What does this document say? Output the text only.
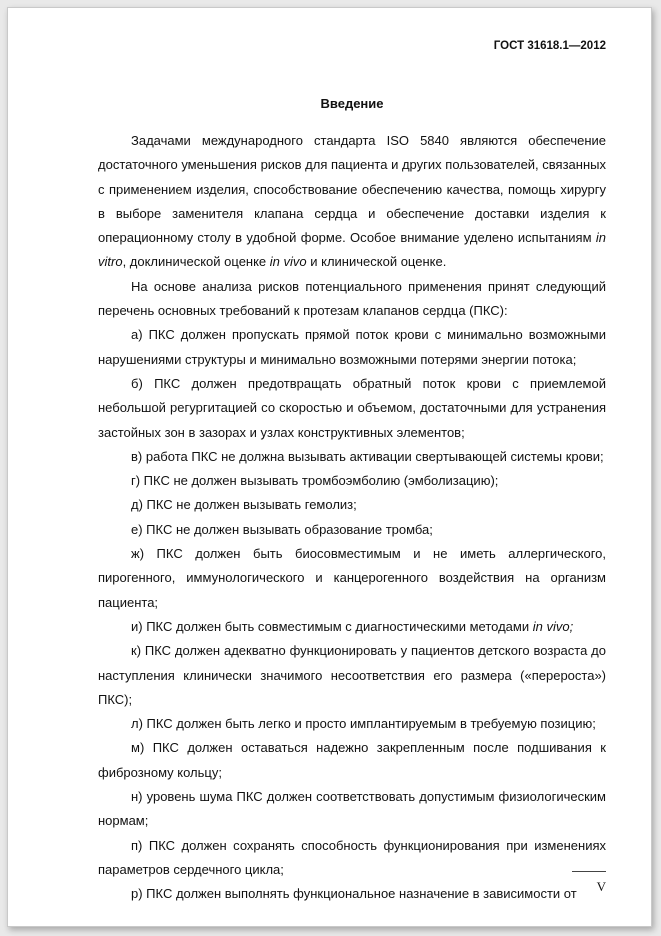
ГОСТ 31618.1—2012
Введение

Задачами международного стандарта ISO 5840 являются обеспечение достаточного уменьшения рисков для пациента и других пользователей, связанных с применением изделия, способствование обеспечению качества, помощь хирургу в выборе заменителя клапана сердца и обеспечение доставки изделия к операционному столу в удобной форме. Особое внимание уделено испытаниям in vitro, доклинической оценке in vivo и клинической оценке.

На основе анализа рисков потенциального применения принят следующий перечень основных требований к протезам клапанов сердца (ПКС):

а) ПКС должен пропускать прямой поток крови с минимально возможными нарушениями структуры и минимально возможными потерями энергии потока;

б) ПКС должен предотвращать обратный поток крови с приемлемой небольшой регургитацией со скоростью и объемом, достаточными для устранения застойных зон в зазорах и узлах конструктивных элементов;

в) работа ПКС не должна вызывать активации свертывающей системы крови;

г) ПКС не должен вызывать тромбоэмболию (эмболизацию);

д) ПКС не должен вызывать гемолиз;

е) ПКС не должен вызывать образование тромба;

ж) ПКС должен быть биосовместимым и не иметь аллергического, пирогенного, иммунологического и канцерогенного воздействия на организм пациента;

и) ПКС должен быть совместимым с диагностическими методами in vivo;

к) ПКС должен адекватно функционировать у пациентов детского возраста до наступления клинически значимого несоответствия его размера («перероста») ПКС);

л) ПКС должен быть легко и просто имплантируемым в требуемую позицию;

м) ПКС должен оставаться надежно закрепленным после подшивания к фиброзному кольцу;

н) уровень шума ПКС должен соответствовать допустимым физиологическим нормам;

п) ПКС должен сохранять способность функционирования при изменениях параметров сердечного цикла;

р) ПКС должен выполнять функциональное назначение в зависимости от	V
